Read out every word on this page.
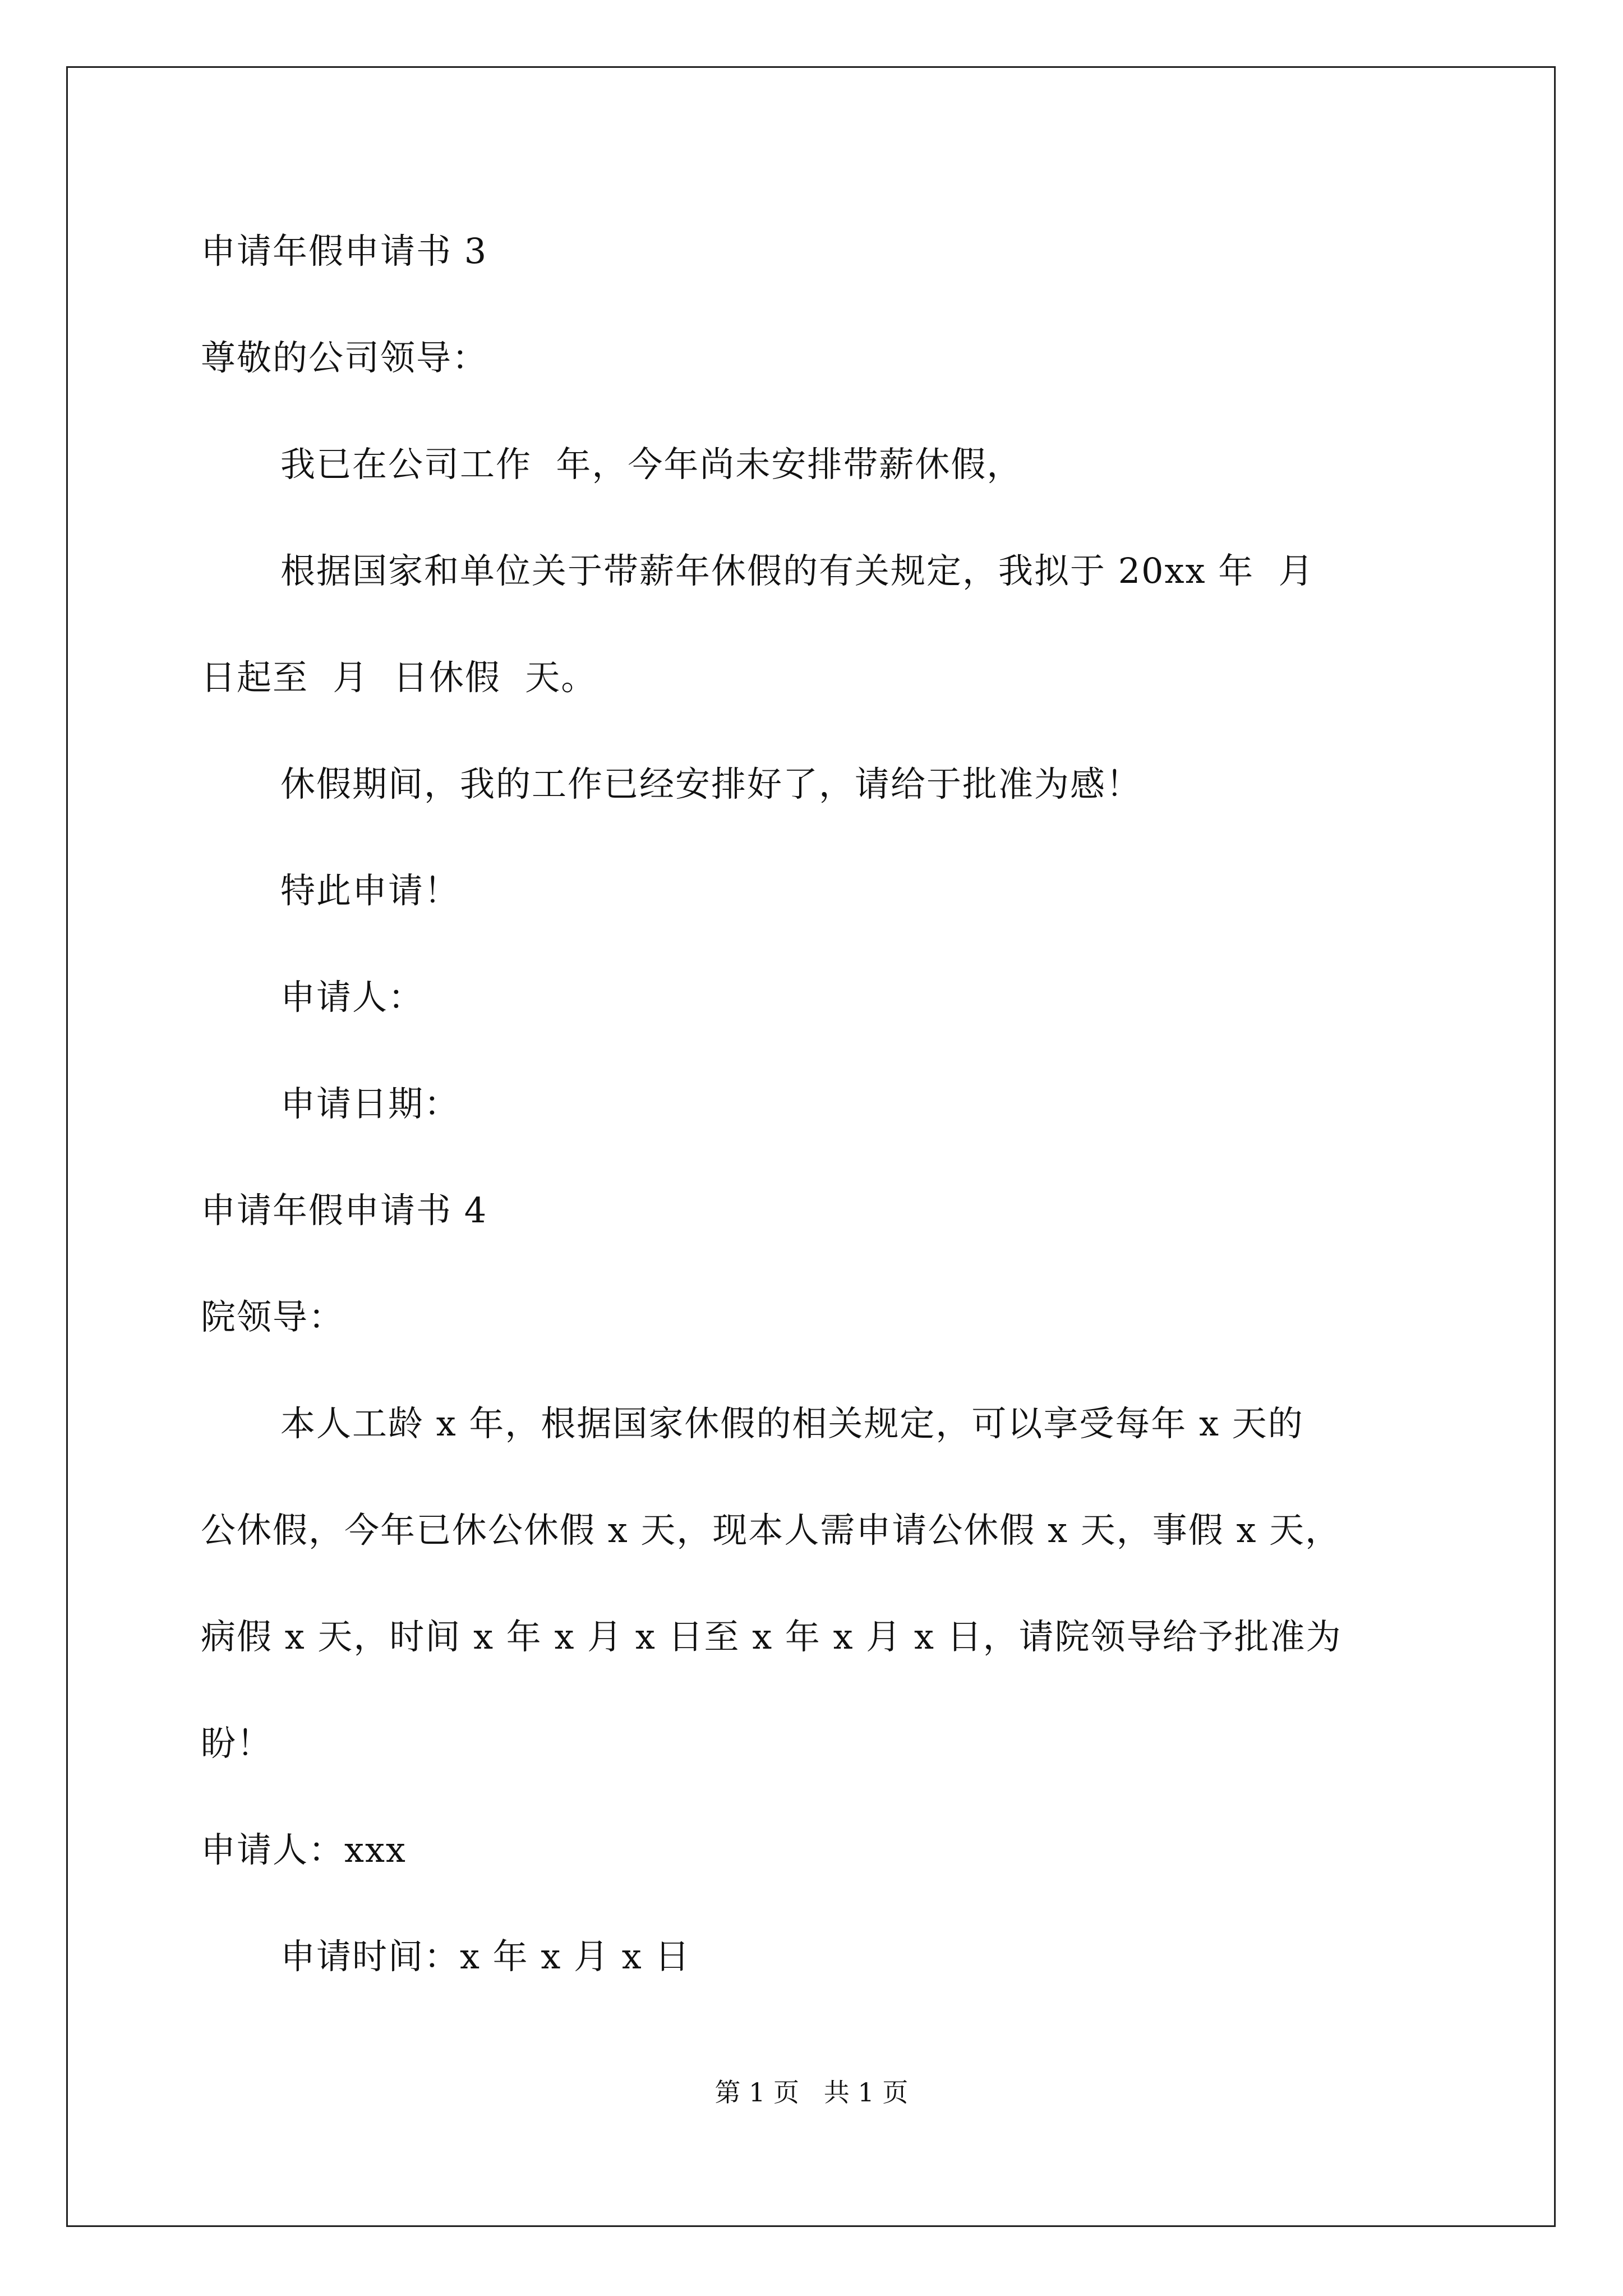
申请年假申请书 3
尊敬的公司领导：
我已在公司工作  年，今年尚未安排带薪休假，
根据国家和单位关于带薪年休假的有关规定，我拟于 20xx 年  月
日起至  月  日休假  天。
休假期间，我的工作已经安排好了，请给于批准为感！
特此申请！
申请人：
申请日期：
申请年假申请书 4
院领导：
本人工龄 x 年，根据国家休假的相关规定，可以享受每年 x 天的
公休假，今年已休公休假 x 天，现本人需申请公休假 x 天，事假 x 天，
病假 x 天，时间 x 年 x 月 x 日至 x 年 x 月 x 日，请院领导给予批准为
盼！
申请人：xxx
申请时间：x 年 x 月 x 日
第 1 页   共 1 页
